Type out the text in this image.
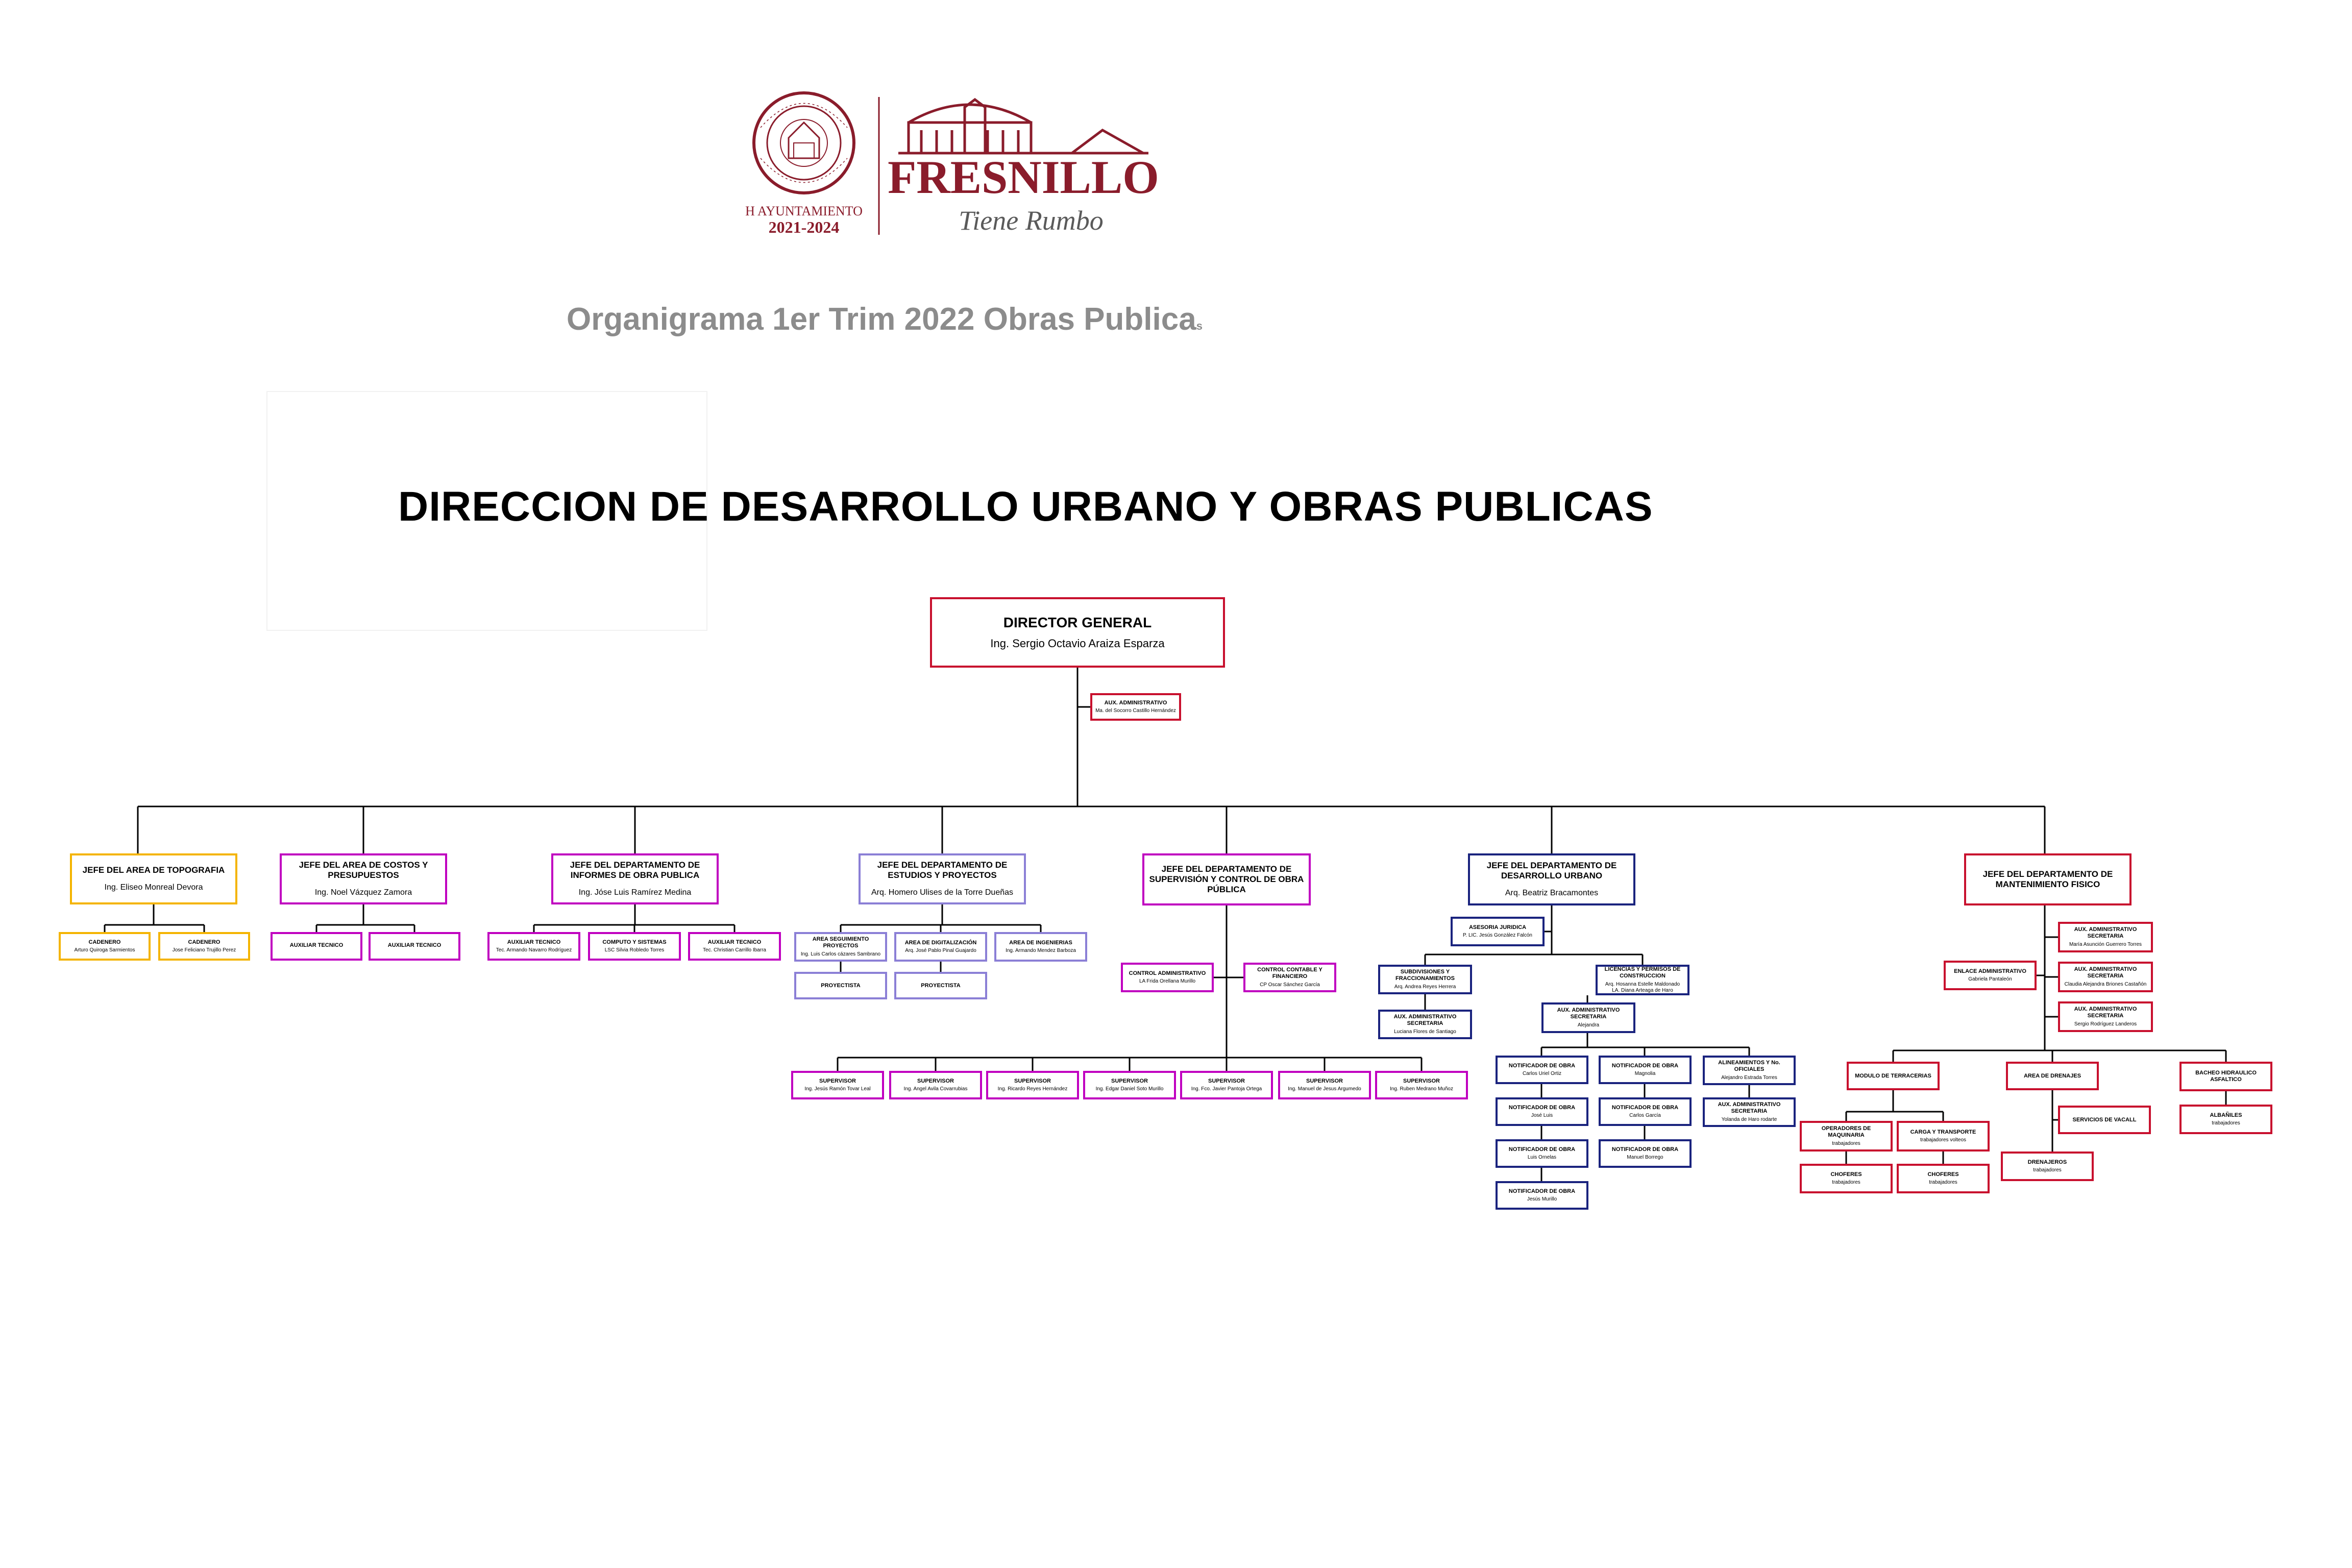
H AYUNTAMIENTO
2021-2024
FRESNILLO
Tiene Rumbo
Organigrama 1er Trim 2022 Obras Publicas
DIRECCION DE DESARROLLO URBANO Y OBRAS PUBLICAS
DIRECTOR GENERAL
Ing. Sergio Octavio Araiza Esparza
AUX. ADMINISTRATIVO
Ma. del Socorro Castillo Hernández
JEFE DEL AREA DE TOPOGRAFIA
Ing. Eliseo Monreal Devora
CADENERO
Arturo Quiroga Sarmientos
CADENERO
Jose Feliciano Trujillo Perez
JEFE DEL AREA DE COSTOS Y PRESUPUESTOS
Ing. Noel Vázquez Zamora
AUXILIAR TECNICO	AUXILIAR TECNICO
JEFE DEL DEPARTAMENTO DE INFORMES DE OBRA PUBLICA
Ing. Jóse Luis Ramírez Medina
AUXILIAR TECNICO
Tec. Armando Navarro Rodríguez
COMPUTO Y SISTEMAS
LSC Silvia Robledo Torres
AUXILIAR TECNICO
Tec. Christian Carrillo Ibarra
JEFE DEL DEPARTAMENTO DE ESTUDIOS Y PROYECTOS
Arq. Homero Ulises de la Torre Dueñas
AREA SEGUIMIENTO PROYECTOS
Ing. Luis Carlos cázares Sambrano
AREA DE DIGITALIZACIÓN
Arq. José Pablo Pinal Guajardo
AREA DE INGENIERIAS
Ing. Armando Mendez Barboza
PROYECTISTA	PROYECTISTA
JEFE DEL DEPARTAMENTO DE SUPERVISIÓN Y CONTROL DE OBRA PÚBLICA
CONTROL ADMINISTRATIVO
LA Frida Orellana Murillo
CONTROL CONTABLE Y FINANCIERO
CP Oscar Sánchez García
SUPERVISOR
Ing. Jesús Ramón Tovar Leal
SUPERVISOR
Ing. Angel Avila Covarrubias
SUPERVISOR
Ing. Ricardo Reyes Hernández
SUPERVISOR
Ing. Edgar Daniel Soto Murillo
SUPERVISOR
Ing. Fco. Javier Pantoja Ortega
SUPERVISOR
Ing. Manuel de Jesus Argumedo
SUPERVISOR
Ing. Ruben Medrano Muñoz
JEFE DEL DEPARTAMENTO DE DESARROLLO URBANO
Arq. Beatriz Bracamontes
ASESORIA JURIDICA
P. LIC. Jesús González Falcón
SUBDIVISIONES Y FRACCIONAMIENTOS
Arq. Andrea Reyes Herrera
AUX. ADMINISTRATIVO SECRETARIA
Luciana Flores de Santiago
LICENCIAS Y PERMISOS DE CONSTRUCCION
Arq. Hosanna Estelle Maldonado
LA. Diana Arteaga de Haro
AUX. ADMINISTRATIVO SECRETARIA
Alejandra
NOTIFICADOR DE OBRA
Carlos Uriel Ortiz
NOTIFICADOR DE OBRA
José Luis
NOTIFICADOR DE OBRA
Luis Ornelas
NOTIFICADOR DE OBRA
Jesús Murillo
NOTIFICADOR DE OBRA
Magnolia
NOTIFICADOR DE OBRA
Carlos García
NOTIFICADOR DE OBRA
Manuel Borrego
ALINEAMIENTOS Y No. OFICIALES
Alejandro Estrada Torres
AUX. ADMINISTRATIVO SECRETARIA
Yolanda de Haro rodarte
JEFE DEL DEPARTAMENTO DE MANTENIMIENTO FISICO
ENLACE ADMINISTRATIVO
Gabriela Pantaleón
AUX. ADMINISTRATIVO SECRETARIA
María Asunción Guerrero Torres
AUX. ADMINISTRATIVO SECRETARIA
Claudia Alejandra Briones Castañón
AUX. ADMINISTRATIVO SECRETARIA
Sergio Rodríguez Landeros
MODULO DE TERRACERIAS
OPERADORES DE MAQUINARIA
trabajadores
CARGA Y TRANSPORTE
trabajadores volteos
CHOFERES
trabajadores
CHOFERES
trabajadores
AREA DE DRENAJES
SERVICIOS DE VACALL
DRENAJEROS
trabajadores
BACHEO HIDRAULICO ASFALTICO
ALBAÑILES
trabajadores
